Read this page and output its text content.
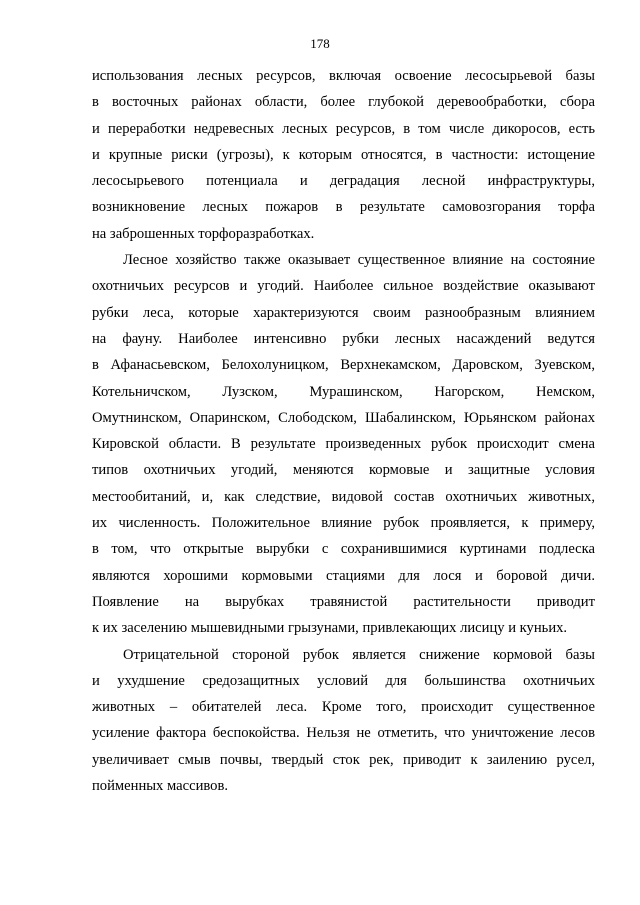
178

использования лесных ресурсов, включая освоение лесосырьевой базы
в восточных районах области, более глубокой деревообработки, сбора
и переработки недревесных лесных ресурсов, в том числе дикоросов, есть
и крупные риски (угрозы), к которым относятся, в частности: истощение
лесосырьевого потенциала и деградация лесной инфраструктуры,
возникновение лесных пожаров в результате самовозгорания торфа
на заброшенных торфоразработках.

Лесное хозяйство также оказывает существенное влияние на состояние
охотничьих ресурсов и угодий. Наиболее сильное воздействие оказывают
рубки леса, которые характеризуются своим разнообразным влиянием
на фауну. Наиболее интенсивно рубки лесных насаждений ведутся
в Афанасьевском, Белохолуницком, Верхнекамском, Даровском, Зуевском,
Котельничском, Лузском, Мурашинском, Нагорском, Немском,
Омутнинском, Опаринском, Слободском, Шабалинском, Юрьянском районах
Кировской области. В результате произведенных рубок происходит смена
типов охотничьих угодий, меняются кормовые и защитные условия
местообитаний, и, как следствие, видовой состав охотничьих животных,
их численность. Положительное влияние рубок проявляется, к примеру,
в том, что открытые вырубки с сохранившимися куртинами подлеска
являются хорошими кормовыми стациями для лося и боровой дичи.
Появление на вырубках травянистой растительности приводит
к их заселению мышевидными грызунами, привлекающих лисицу и куньих.

Отрицательной стороной рубок является снижение кормовой базы
и ухудшение средозащитных условий для большинства охотничьих
животных – обитателей леса. Кроме того, происходит существенное
усиление фактора беспокойства. Нельзя не отметить, что уничтожение лесов
увеличивает смыв почвы, твердый сток рек, приводит к заилению русел,
пойменных массивов.
